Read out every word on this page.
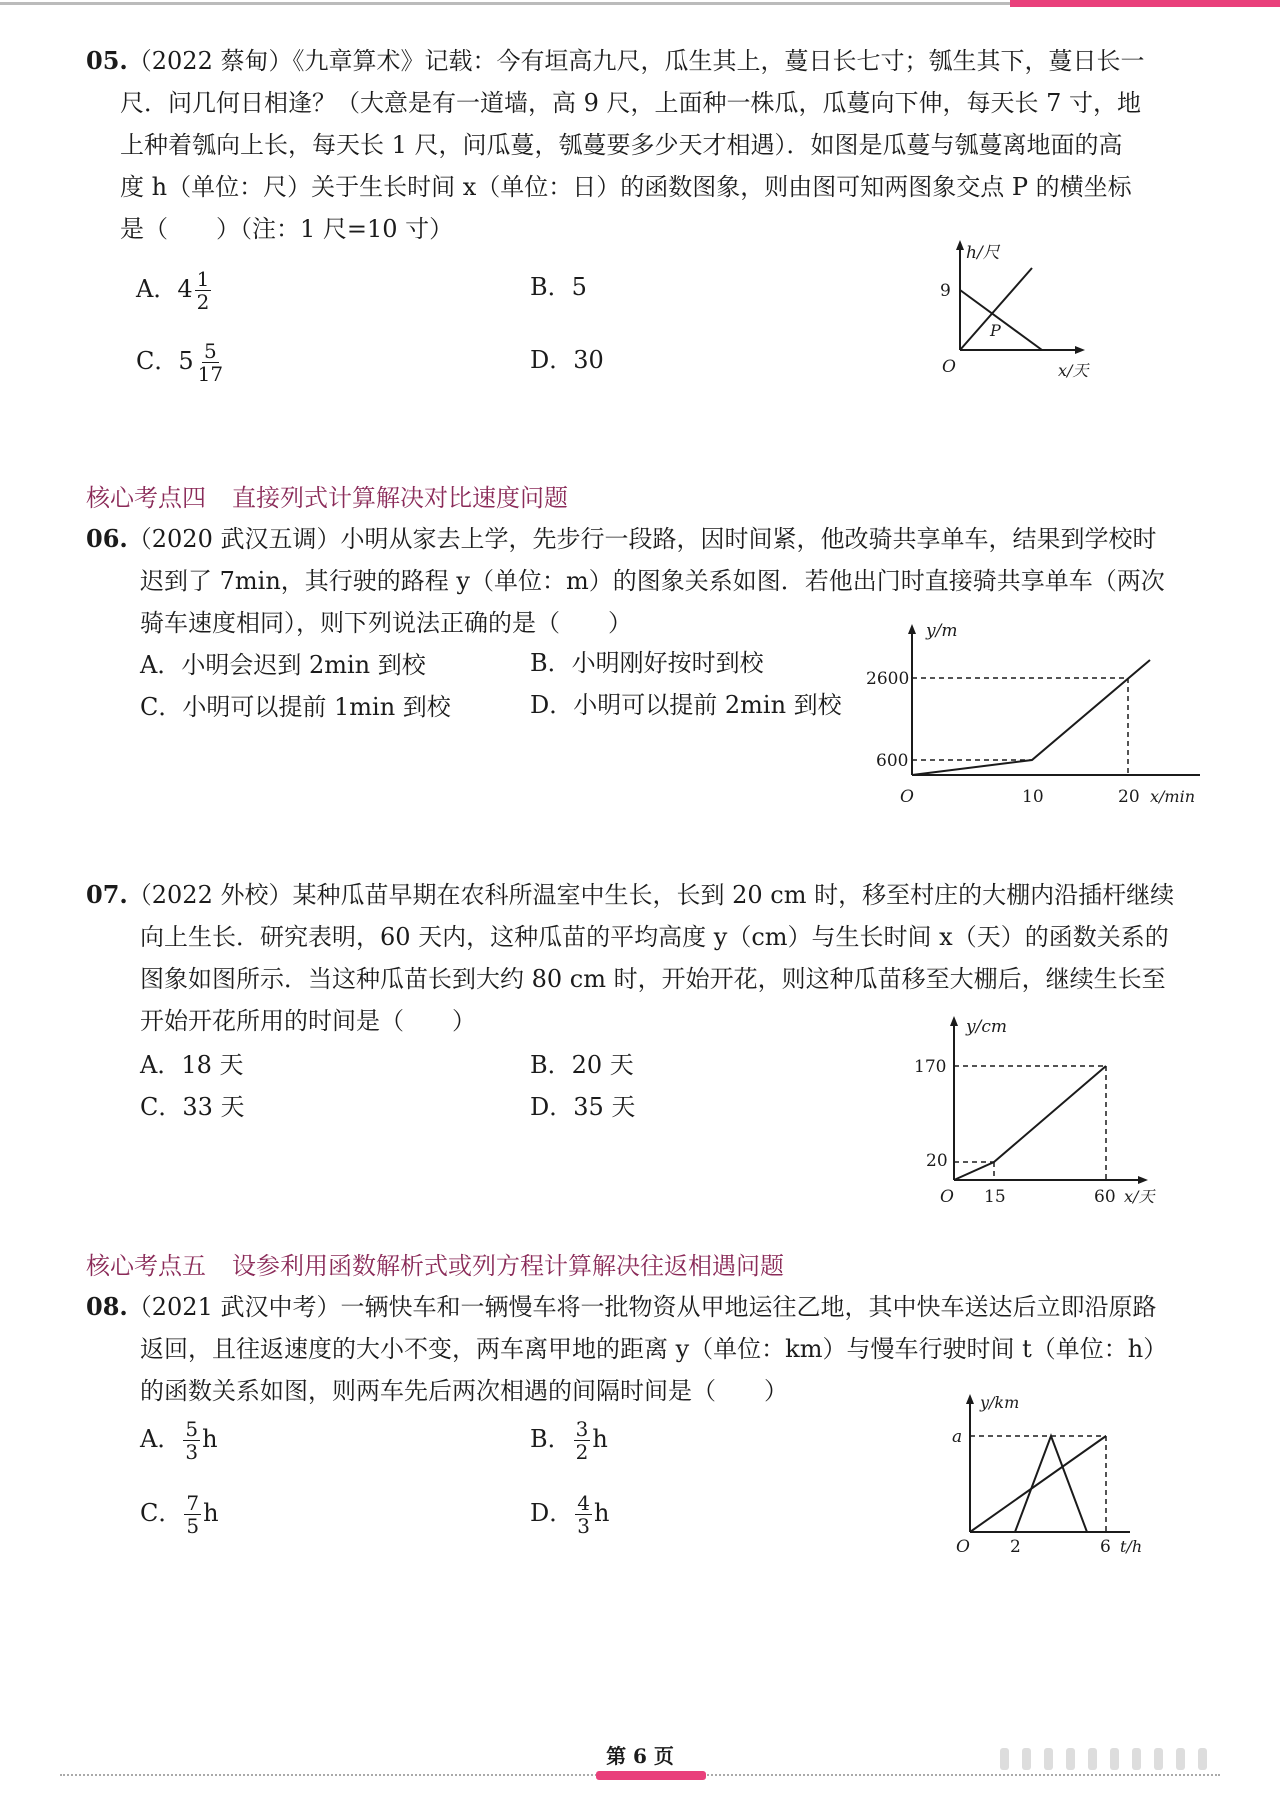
05.（2022 蔡甸）《九章算术》记载：今有垣高九尺，瓜生其上，蔓日长七寸；瓠生其下，蔓日长一
尺．问几何日相逢？（大意是有一道墙，高 9 尺，上面种一株瓜，瓜蔓向下伸，每天长 7 寸，地
上种着瓠向上长，每天长 1 尺，问瓜蔓，瓠蔓要多少天才相遇）．如图是瓜蔓与瓠蔓离地面的高
度 h（单位：尺）关于生长时间 x（单位：日）的函数图象，则由图可知两图象交点 P 的横坐标
是（　　）（注：1 尺=10 寸）
A．$4 \frac{1}{2}$	B．5
C．$5 \frac{5}{17}$	D．30
h/尺
9
P
O	x/天
核心考点四 直接列式计算解决对比速度问题
06.（2020 武汉五调）小明从家去上学，先步行一段路，因时间紧，他改骑共享单车，结果到学校时
迟到了 7min，其行驶的路程 y（单位：m）的图象关系如图．若他出门时直接骑共享单车（两次
骑车速度相同），则下列说法正确的是（　　）
A．小明会迟到 2min 到校	B．小明刚好按时到校
C．小明可以提前 1min 到校	D．小明可以提前 2min 到校
y/m
2600
600
O	10	20 x/min
07.（2022 外校）某种瓜苗早期在农科所温室中生长，长到 20 cm 时，移至村庄的大棚内沿插杆继续
向上生长．研究表明，60 天内，这种瓜苗的平均高度 y（cm）与生长时间 x（天）的函数关系的
图象如图所示．当这种瓜苗长到大约 80 cm 时，开始开花，则这种瓜苗移至大棚后，继续生长至
开始开花所用的时间是（　　）
A．18 天	B．20 天
C．33 天	D．35 天
y/cm
170
20
O 15	60 x/天
核心考点五 设参利用函数解析式或列方程计算解决往返相遇问题
08.（2021 武汉中考）一辆快车和一辆慢车将一批物资从甲地运往乙地，其中快车送达后立即沿原路
返回，且往返速度的大小不变，两车离甲地的距离 y（单位：km）与慢车行驶时间 t（单位：h）
的函数关系如图，则两车先后两次相遇的间隔时间是（　　）
A． $\frac{5}{3}$ h	B． $\frac{3}{2}$ h
C． $\frac{7}{5}$ h	D． $\frac{4}{3}$ h
y/km
a
O 2	6 t/h
第 6 页
